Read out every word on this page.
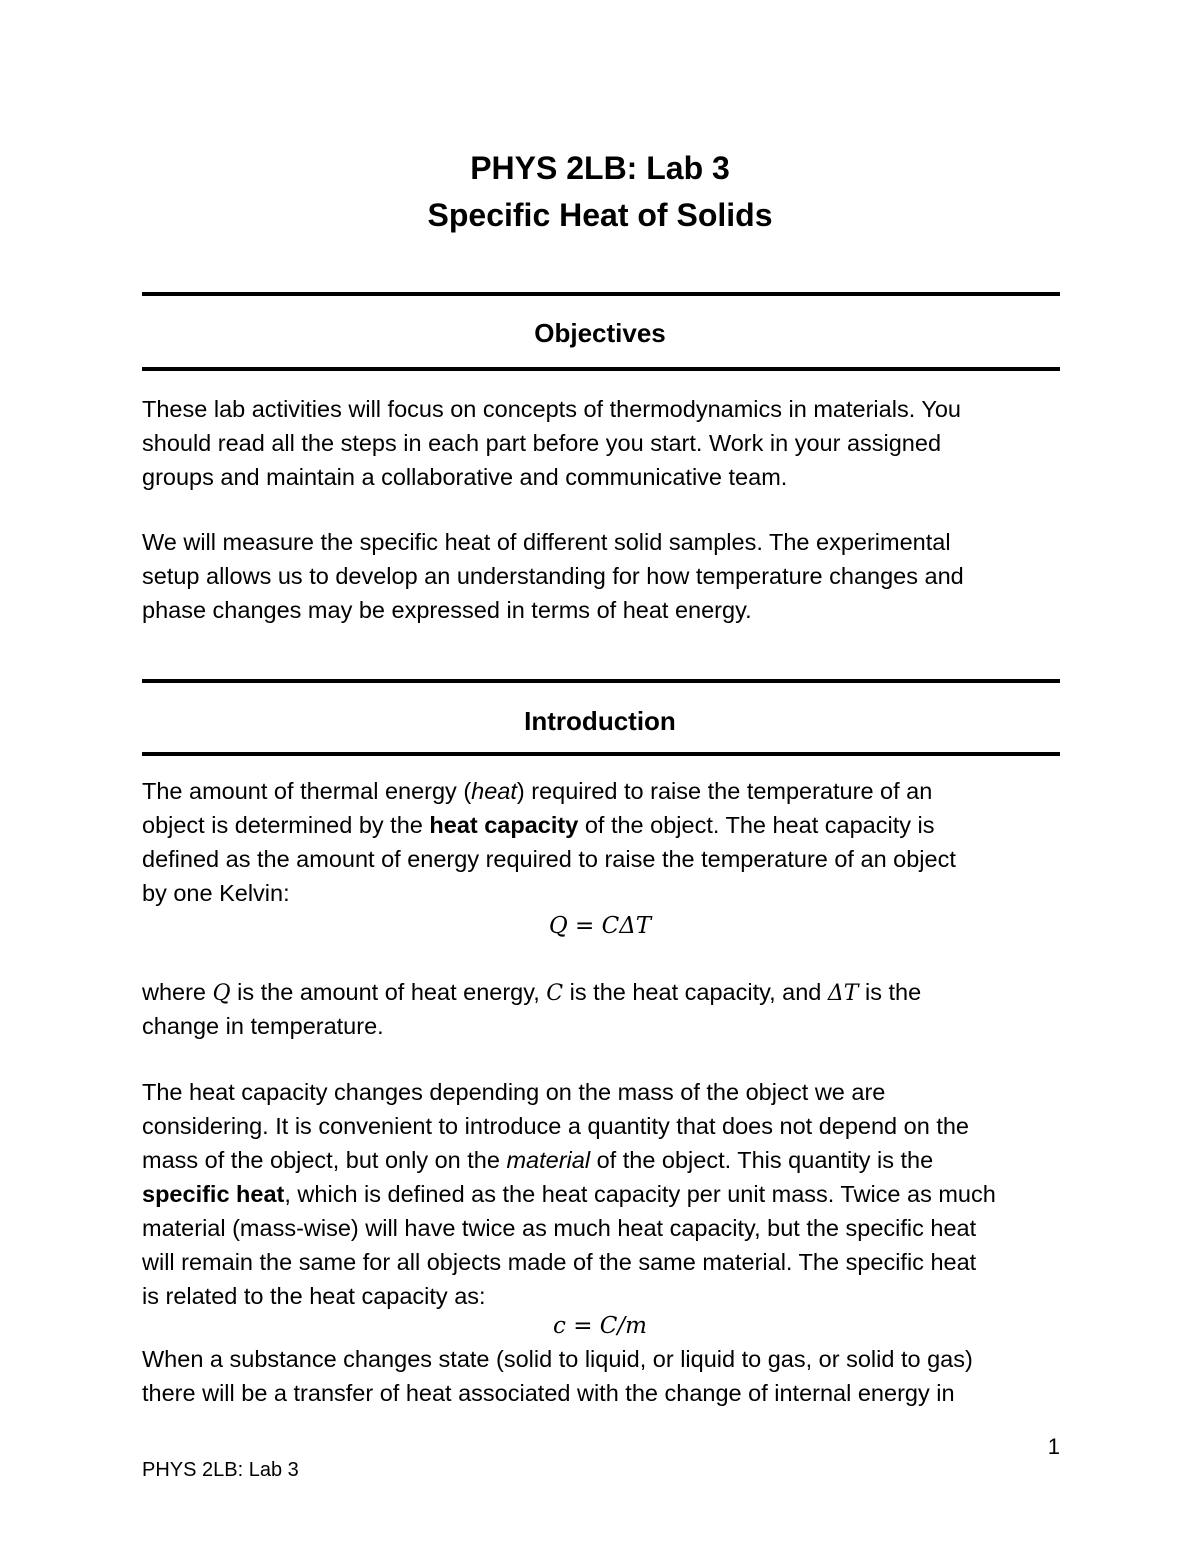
PHYS 2LB: Lab 3
Specific Heat of Solids
Objectives

These lab activities will focus on concepts of thermodynamics in materials. You
should read all the steps in each part before you start. Work in your assigned
groups and maintain a collaborative and communicative team.

We will measure the specific heat of different solid samples. The experimental
setup allows us to develop an understanding for how temperature changes and
phase changes may be expressed in terms of heat energy.

Introduction

The amount of thermal energy (heat) required to raise the temperature of an
object is determined by the heat capacity of the object. The heat capacity is
defined as the amount of energy required to raise the temperature of an object
by one Kelvin:

Q = CΔT

where Q is the amount of heat energy, C is the heat capacity, and ΔT is the
change in temperature.

The heat capacity changes depending on the mass of the object we are
considering. It is convenient to introduce a quantity that does not depend on the
mass of the object, but only on the material of the object. This quantity is the
specific heat, which is defined as the heat capacity per unit mass. Twice as much
material (mass-wise) will have twice as much heat capacity, but the specific heat
will remain the same for all objects made of the same material. The specific heat
is related to the heat capacity as:

c = C/m

When a substance changes state (solid to liquid, or liquid to gas, or solid to gas)
there will be a transfer of heat associated with the change of internal energy in

1
PHYS 2LB: Lab 3
